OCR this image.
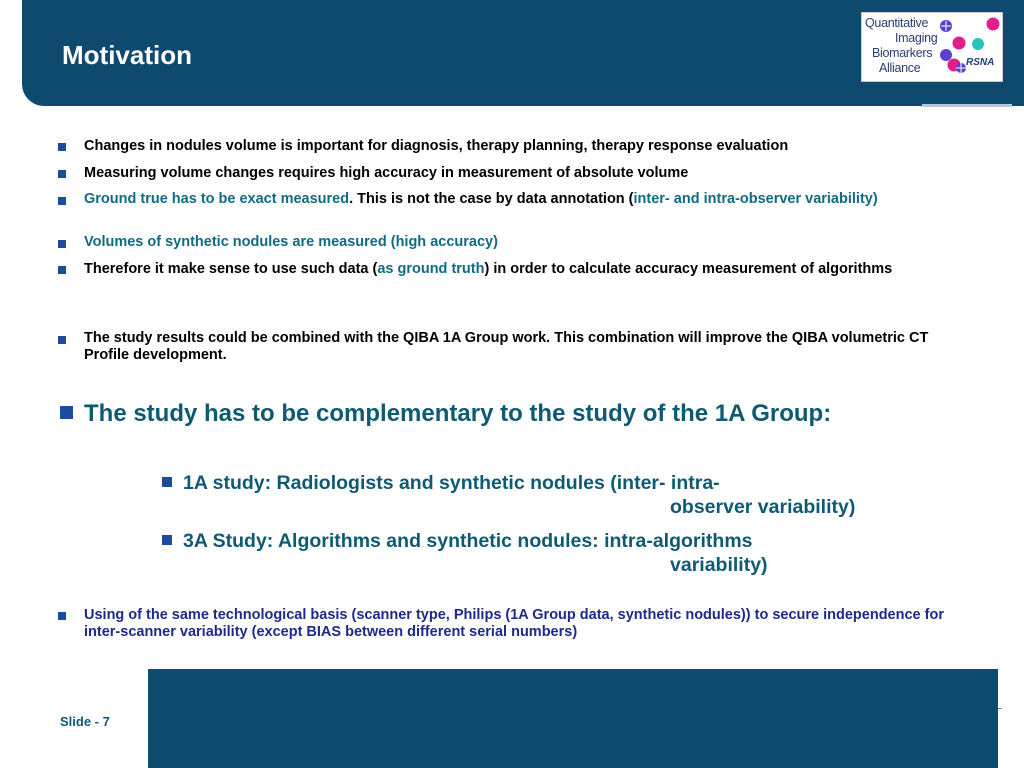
Motivation
Quantitative
Imaging
Biomarkers
Alliance	RSNA
Changes in nodules volume is important for diagnosis, therapy planning, therapy response evaluation
Measuring volume changes requires high accuracy in measurement of absolute volume
Ground true has to be exact measured. This is not the case by data annotation (inter- and intra-observer variability)
Volumes of synthetic nodules are measured (high accuracy)
Therefore it make sense to use such data (as ground truth) in order to calculate accuracy measurement of algorithms
The study results could be combined with the QIBA 1A Group work. This combination will improve the QIBA volumetric CT Profile development.
The study has to be complementary to the study of the 1A Group:
1A study: Radiologists and synthetic nodules (inter- intra-
observer variability)
3A Study: Algorithms and synthetic nodules: intra-algorithms
variability)
Using of the same technological basis (scanner type, Philips (1A Group data, synthetic nodules)) to secure independence for inter-scanner variability (except BIAS between different serial numbers)
Slide - 7
